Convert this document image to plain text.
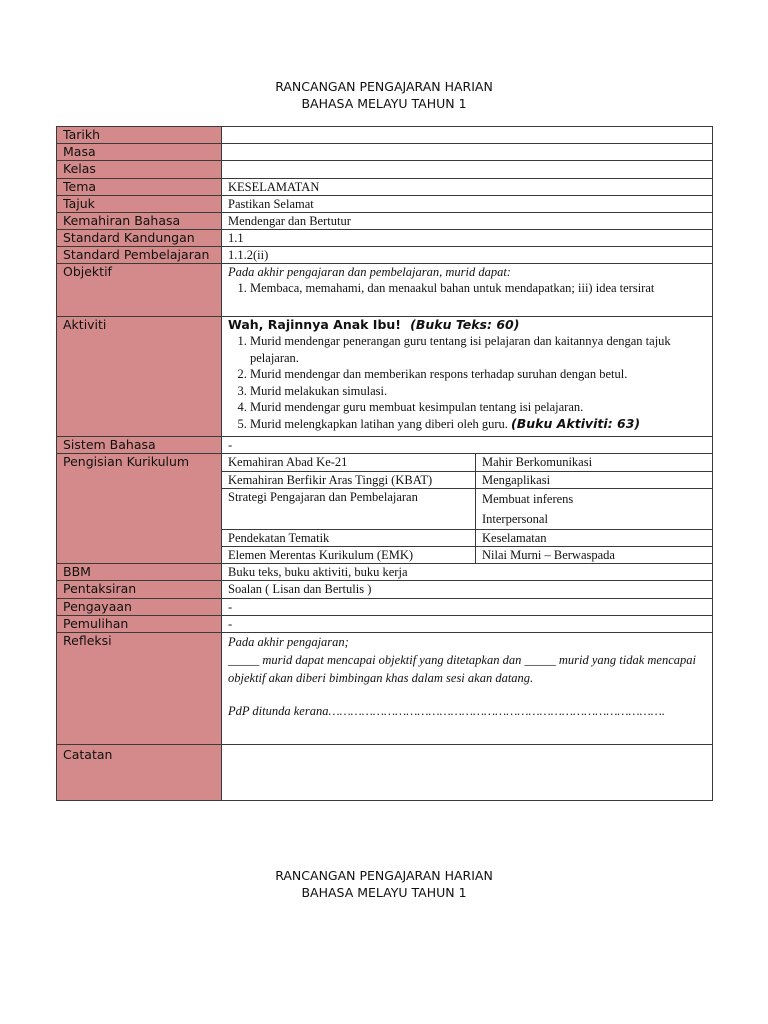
RANCANGAN PENGAJARAN HARIAN
BAHASA MELAYU TAHUN 1
Tarikh	
Masa	
Kelas	
Tema	KESELAMATAN
Tajuk	Pastikan Selamat
Kemahiran Bahasa	Mendengar dan Bertutur
Standard Kandungan	1.1
Standard Pembelajaran	1.1.2(ii)
Objektif	Pada akhir pengajaran dan pembelajaran, murid dapat:
1. Membaca, memahami, dan menaakul bahan untuk mendapatkan; iii) idea tersirat

Aktiviti	Wah, Rajinnya Anak Ibu! (Buku Teks: 60)
1. Murid mendengar penerangan guru tentang isi pelajaran dan kaitannya dengan tajuk pelajaran.
2. Murid mendengar dan memberikan respons terhadap suruhan dengan betul.
3. Murid melakukan simulasi.
4. Murid mendengar guru membuat kesimpulan tentang isi pelajaran.
5. Murid melengkapkan latihan yang diberi oleh guru. (Buku Aktiviti: 63)

Sistem Bahasa	-
Pengisian Kurikulum		Kemahiran Abad Ke-21	Mahir Berkomunikasi
Kemahiran Berfikir Aras Tinggi (KBAT)	Mengaplikasi
Strategi Pengajaran dan Pembelajaran	Membuat inferens
Interpersonal

Pendekatan Tematik	Keselamatan
Elemen Merentas Kurikulum (EMK)	Nilai Murni – Berwaspada

BBM	Buku teks, buku aktiviti, buku kerja
Pentaksiran	Soalan ( Lisan dan Bertulis )
Pengayaan	-
Pemulihan	-
Refleksi	Pada akhir pengajaran;

_____ murid dapat mencapai objektif yang ditetapkan dan _____ murid yang tidak mencapai objektif akan diberi bimbingan khas dalam sesi akan datang.

PdP ditunda kerana……………………………………………………………………………….

Catatan	
RANCANGAN PENGAJARAN HARIAN
BAHASA MELAYU TAHUN 1
